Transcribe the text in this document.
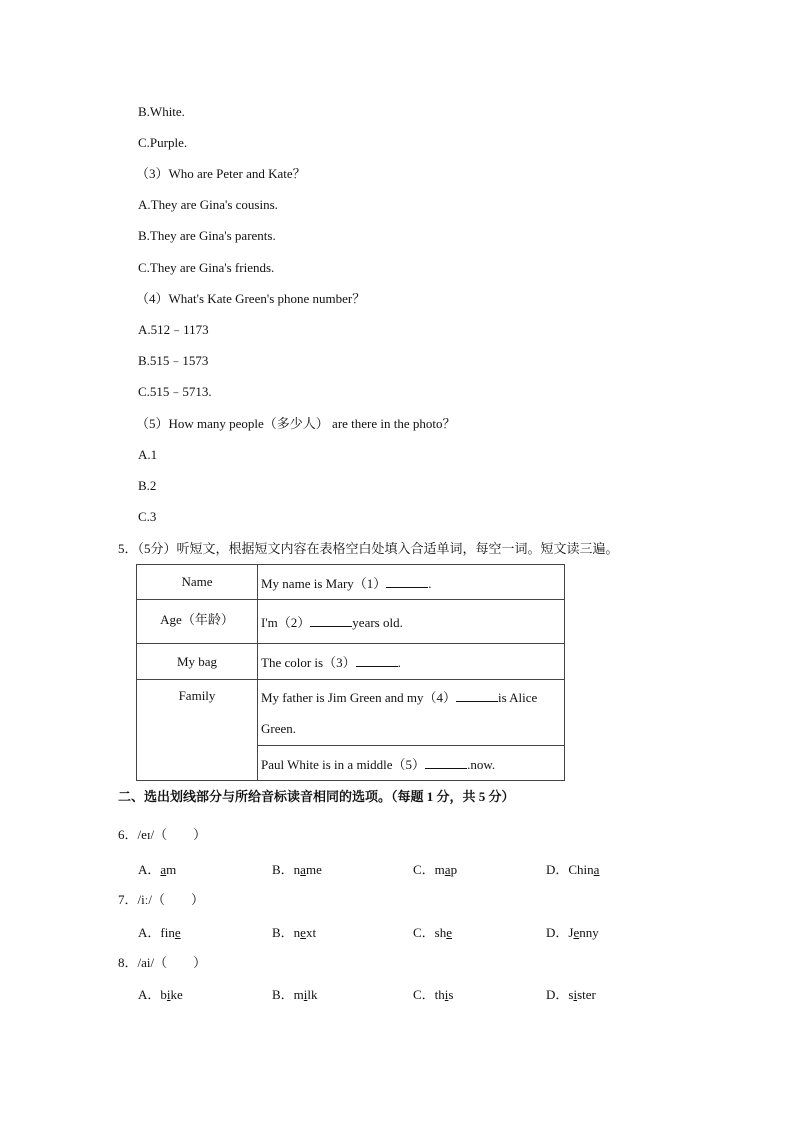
B.White.
C.Purple.
（3）Who are Peter and Kate？
A.They are Gina's cousins.
B.They are Gina's parents.
C.They are Gina's friends.
（4）What's Kate Green's phone number？
A.512﹣1173
B.515﹣1573
C.515﹣5713.
（5）How many people（多少人） are there in the photo？
A.1
B.2
C.3
5．（5分）听短文，根据短文内容在表格空白处填入合适单词，每空一词。短文读三遍。
Name	My name is Mary（1） .
Age（年龄）	I'm（2） years old.
My bag	The color is（3） .
Family	My father is Jim Green and my（4） is Alice
Green.
	Paul White is in a middle（5） .now.
二、选出划线部分与所给音标读音相同的选项。（每题 1 分，共 5 分）
6．/eɪ/（　　）
A．am	B．name	C．map	D．China
7．/iː/（　　）
A．fine	B．next	C．she	D．Jenny
8．/ai/（　　）
A．bike	B．milk	C．this	D．sister
